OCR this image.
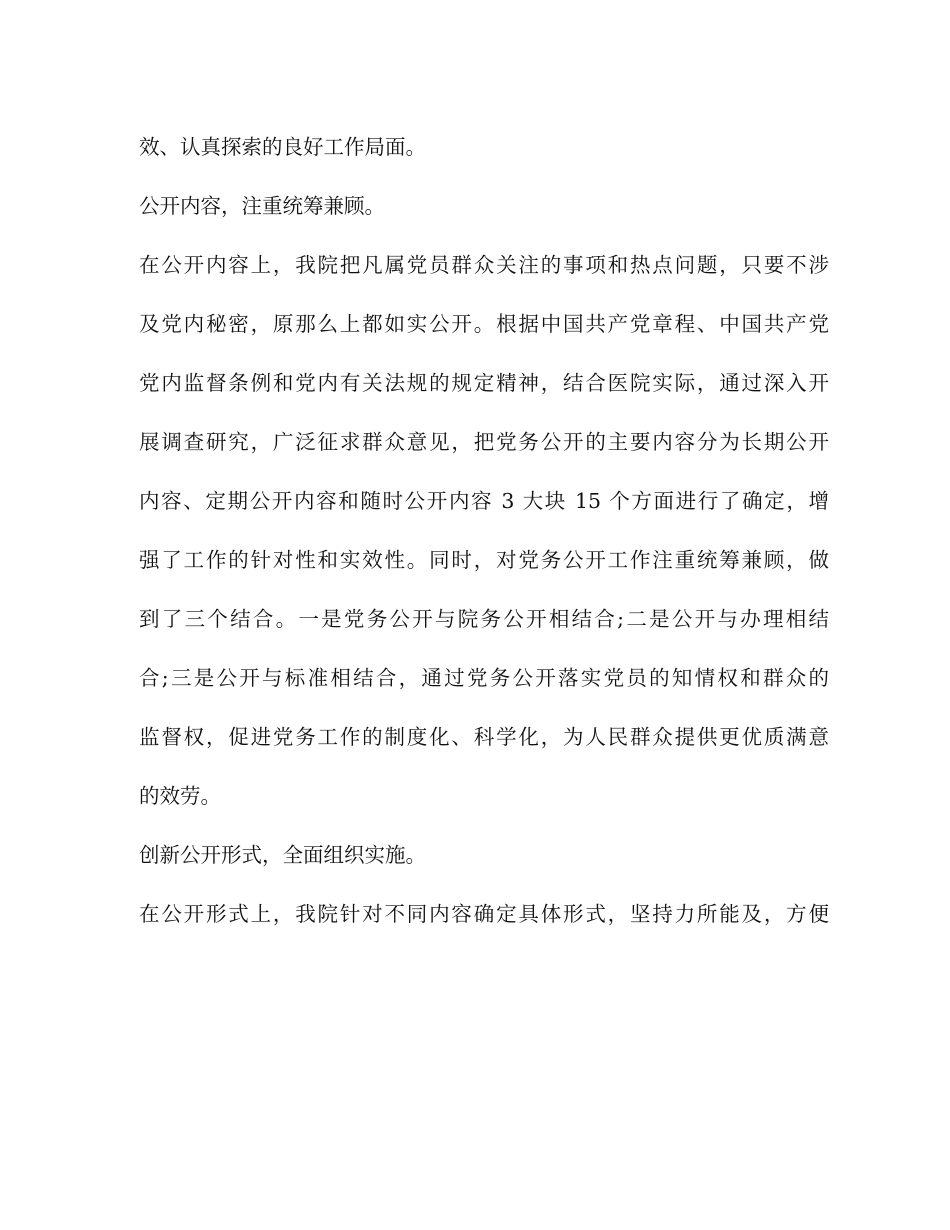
效、认真探索的良好工作局面。

公开内容，注重统筹兼顾。

在公开内容上，我院把凡属党员群众关注的事项和热点问题，只要不涉

及党内秘密，原那么上都如实公开。根据中国共产党章程、中国共产党

党内监督条例和党内有关法规的规定精神，结合医院实际，通过深入开

展调查研究，广泛征求群众意见，把党务公开的主要内容分为长期公开

内容、定期公开内容和随时公开内容 3 大块 15 个方面进行了确定，增

强了工作的针对性和实效性。同时，对党务公开工作注重统筹兼顾，做

到了三个结合。一是党务公开与院务公开相结合;二是公开与办理相结

合;三是公开与标准相结合，通过党务公开落实党员的知情权和群众的

监督权，促进党务工作的制度化、科学化，为人民群众提供更优质满意

的效劳。

创新公开形式，全面组织实施。

在公开形式上，我院针对不同内容确定具体形式，坚持力所能及，方便
